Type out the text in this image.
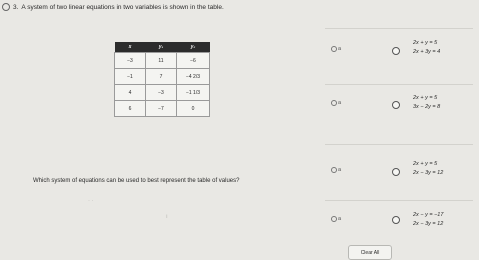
3. A system of two linear equations in two variables is shown in the table.
x	y₁	y₂
−3	11	−6
−1	7	−4 2/3
4	−3	−1 1/3
6	−7	0
Which system of equations can be used to best represent the table of values?
· ·
ı
a
2x + y = 5
2x + 3y = 4
a
2x + y = 5
3x − 2y = 8
a
2x + y = 5
2x − 3y = 12
a
2x − y = −17
2x − 3y = 12
Clear All
